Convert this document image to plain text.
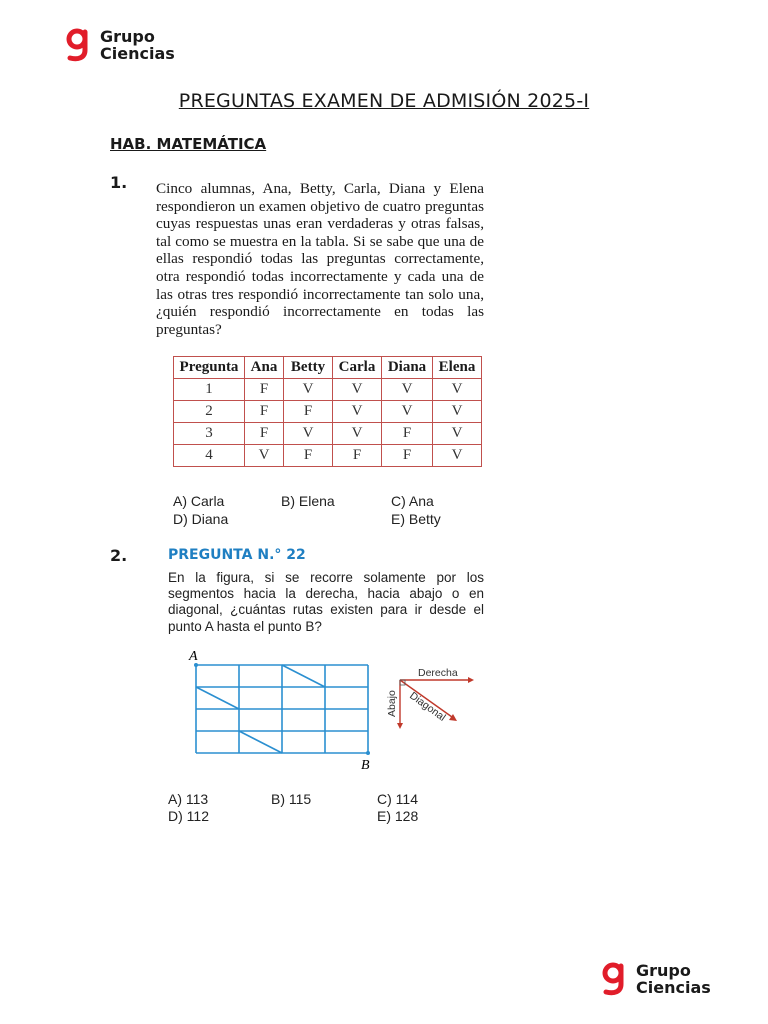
Grupo
Ciencias
PREGUNTAS EXAMEN DE ADMISIÓN 2025-I
HAB. MATEMÁTICA
1. Cinco alumnas, Ana, Betty, Carla, Diana y Elena respondieron un examen objetivo de cuatro preguntas cuyas respuestas unas eran verdaderas y otras falsas, tal como se muestra en la tabla. Si se sabe que una de ellas respondió todas las preguntas correctamente, otra respondió todas incorrectamente y cada una de las otras tres respondió incorrectamente tan solo una, ¿quién respondió incorrectamente en todas las preguntas?
Pregunta	Ana	Betty	Carla	Diana	Elena
1	F	V	V	V	V
2	F	F	V	V	V
3	F	V	V	F	V
4	V	F	F	F	V
A) Carla	B) Elena	C) Ana
D) Diana	E) Betty
2.	PREGUNTA N.° 22
En la figura, si se recorre solamente por los segmentos hacia la derecha, hacia abajo o en diagonal, ¿cuántas rutas existen para ir desde el punto A hasta el punto B?
A
B
Derecha
Abajo Diagonal
A) 113	B) 115	C) 114
D) 112	E) 128
Grupo
Ciencias
